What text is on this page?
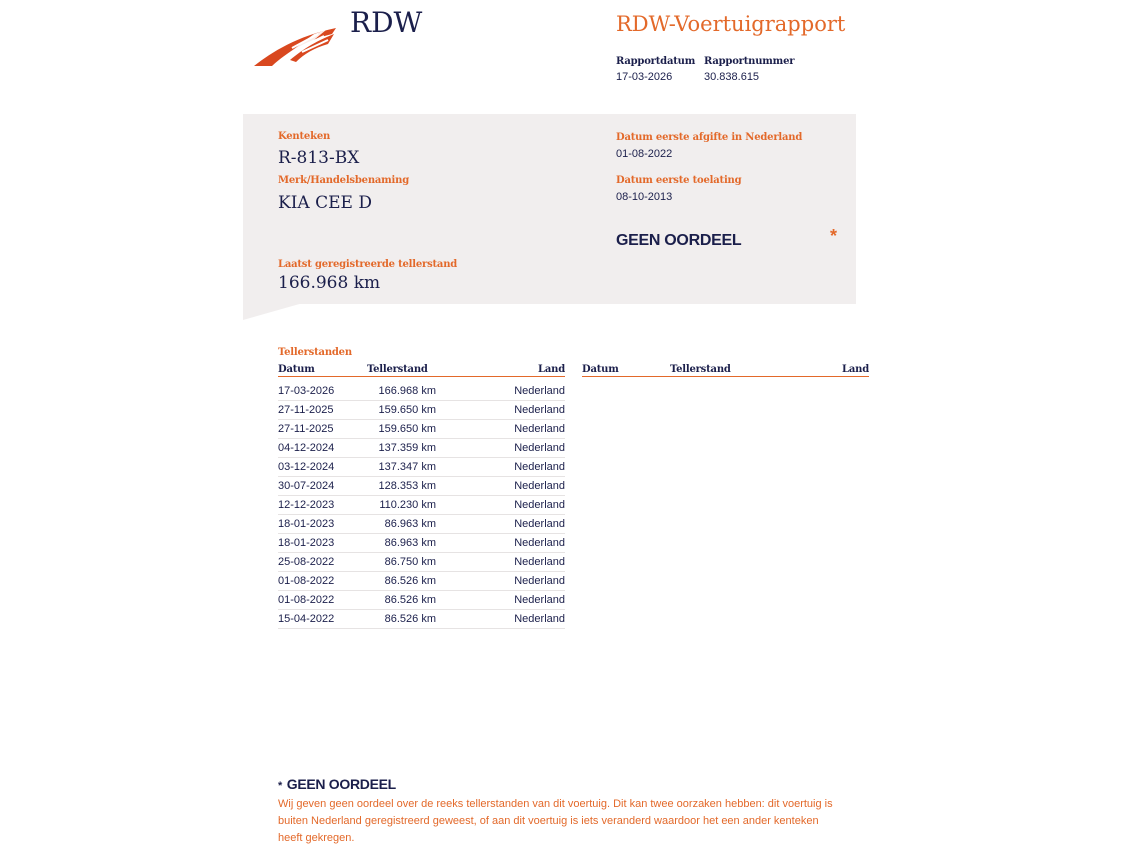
RDW	RDW-Voertuigrapport
Rapportdatum
17-03-2026
Rapportnummer
30.838.615
Kenteken
R-813-BX
Merk/Handelsbenaming
KIA CEE D
Laatst geregistreerde tellerstand
166.968 km
Datum eerste afgifte in Nederland
01-08-2022
Datum eerste toelating
08-10-2013
GEEN OORDEEL	*
Tellerstanden
Datum	Tellerstand	Land Datum	Tellerstand	Land
17-03-2026	166.968 km	Nederland
27-11-2025	159.650 km	Nederland
27-11-2025	159.650 km	Nederland
04-12-2024	137.359 km	Nederland
03-12-2024	137.347 km	Nederland
30-07-2024	128.353 km	Nederland
12-12-2023	110.230 km	Nederland
18-01-2023	86.963 km	Nederland
18-01-2023	86.963 km	Nederland
25-08-2022	86.750 km	Nederland
01-08-2022	86.526 km	Nederland
01-08-2022	86.526 km	Nederland
15-04-2022	86.526 km	Nederland
* GEEN OORDEEL
Wij geven geen oordeel over de reeks tellerstanden van dit voertuig. Dit kan twee oorzaken hebben: dit voertuig is buiten Nederland geregistreerd geweest, of aan dit voertuig is iets veranderd waardoor het een ander kenteken heeft gekregen.
